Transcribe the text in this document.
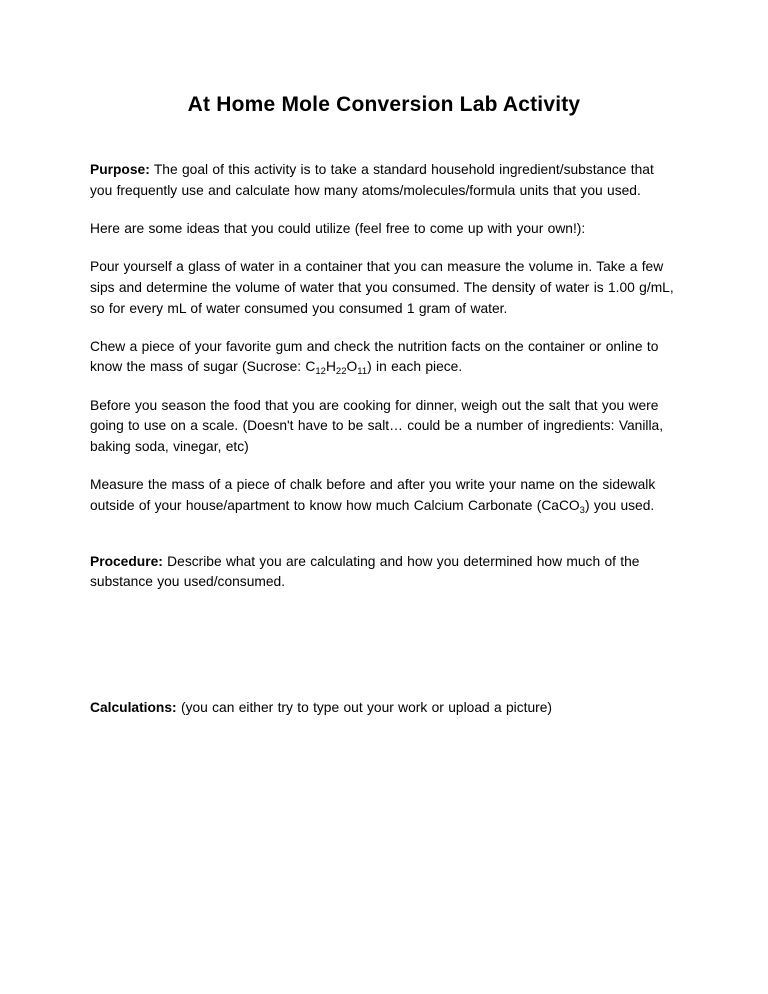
At Home Mole Conversion Lab Activity

Purpose: The goal of this activity is to take a standard household ingredient/substance that you frequently use and calculate how many atoms/molecules/formula units that you used.

Here are some ideas that you could utilize (feel free to come up with your own!):

Pour yourself a glass of water in a container that you can measure the volume in. Take a few sips and determine the volume of water that you consumed. The density of water is 1.00 g/mL, so for every mL of water consumed you consumed 1 gram of water.

Chew a piece of your favorite gum and check the nutrition facts on the container or online to know the mass of sugar (Sucrose: $C_{12}H_{22}O_{11}$) in each piece.

Before you season the food that you are cooking for dinner, weigh out the salt that you were going to use on a scale. (Doesn't have to be salt… could be a number of ingredients: Vanilla, baking soda, vinegar, etc)

Measure the mass of a piece of chalk before and after you write your name on the sidewalk outside of your house/apartment to know how much Calcium Carbonate (CaCO$_3$) you used.

Procedure: Describe what you are calculating and how you determined how much of the substance you used/consumed.

Calculations: (you can either try to type out your work or upload a picture)
